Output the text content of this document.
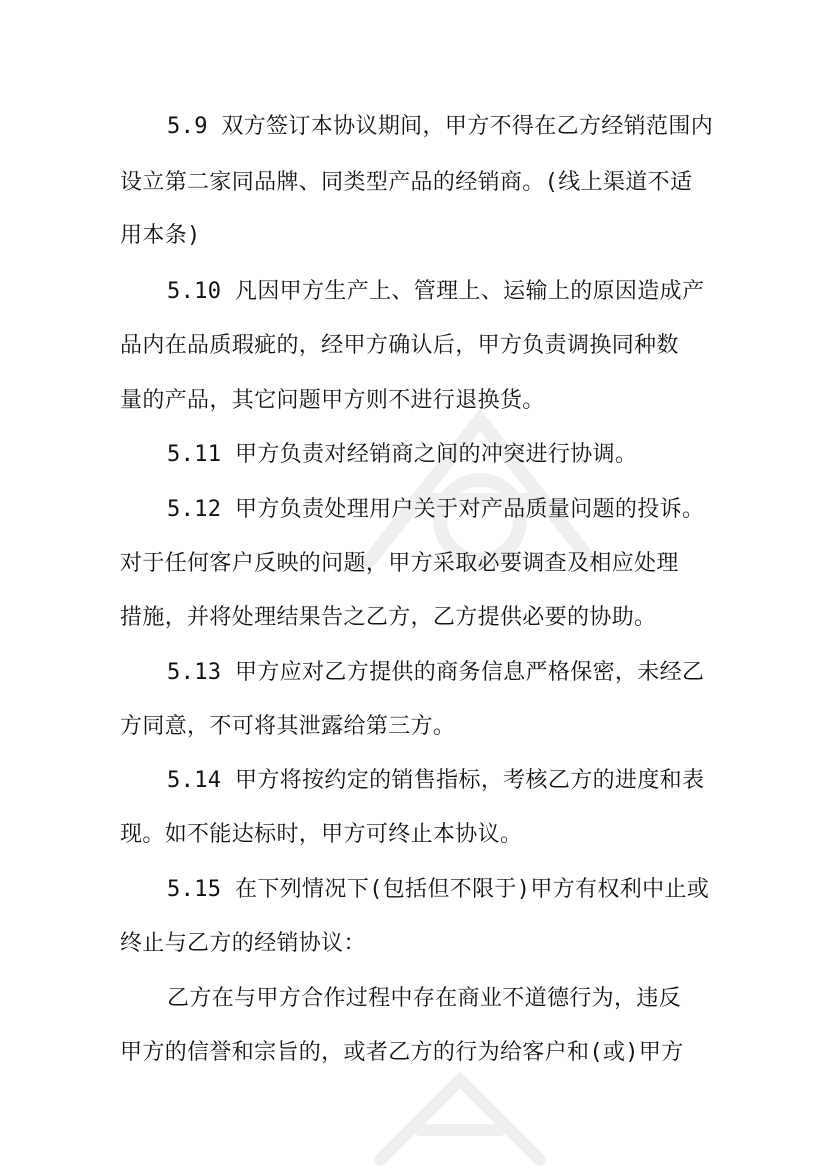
5.9 双方签订本协议期间，甲方不得在乙方经销范围内
设立第二家同品牌、同类型产品的经销商。(线上渠道不适
用本条)
5.10 凡因甲方生产上、管理上、运输上的原因造成产
品内在品质瑕疵的，经甲方确认后，甲方负责调换同种数
量的产品，其它问题甲方则不进行退换货。
5.11 甲方负责对经销商之间的冲突进行协调。
5.12 甲方负责处理用户关于对产品质量问题的投诉。
对于任何客户反映的问题，甲方采取必要调查及相应处理
措施，并将处理结果告之乙方，乙方提供必要的协助。
5.13 甲方应对乙方提供的商务信息严格保密，未经乙
方同意，不可将其泄露给第三方。
5.14 甲方将按约定的销售指标，考核乙方的进度和表
现。如不能达标时，甲方可终止本协议。
5.15 在下列情况下(包括但不限于)甲方有权利中止或
终止与乙方的经销协议：
乙方在与甲方合作过程中存在商业不道德行为，违反
甲方的信誉和宗旨的，或者乙方的行为给客户和(或)甲方
